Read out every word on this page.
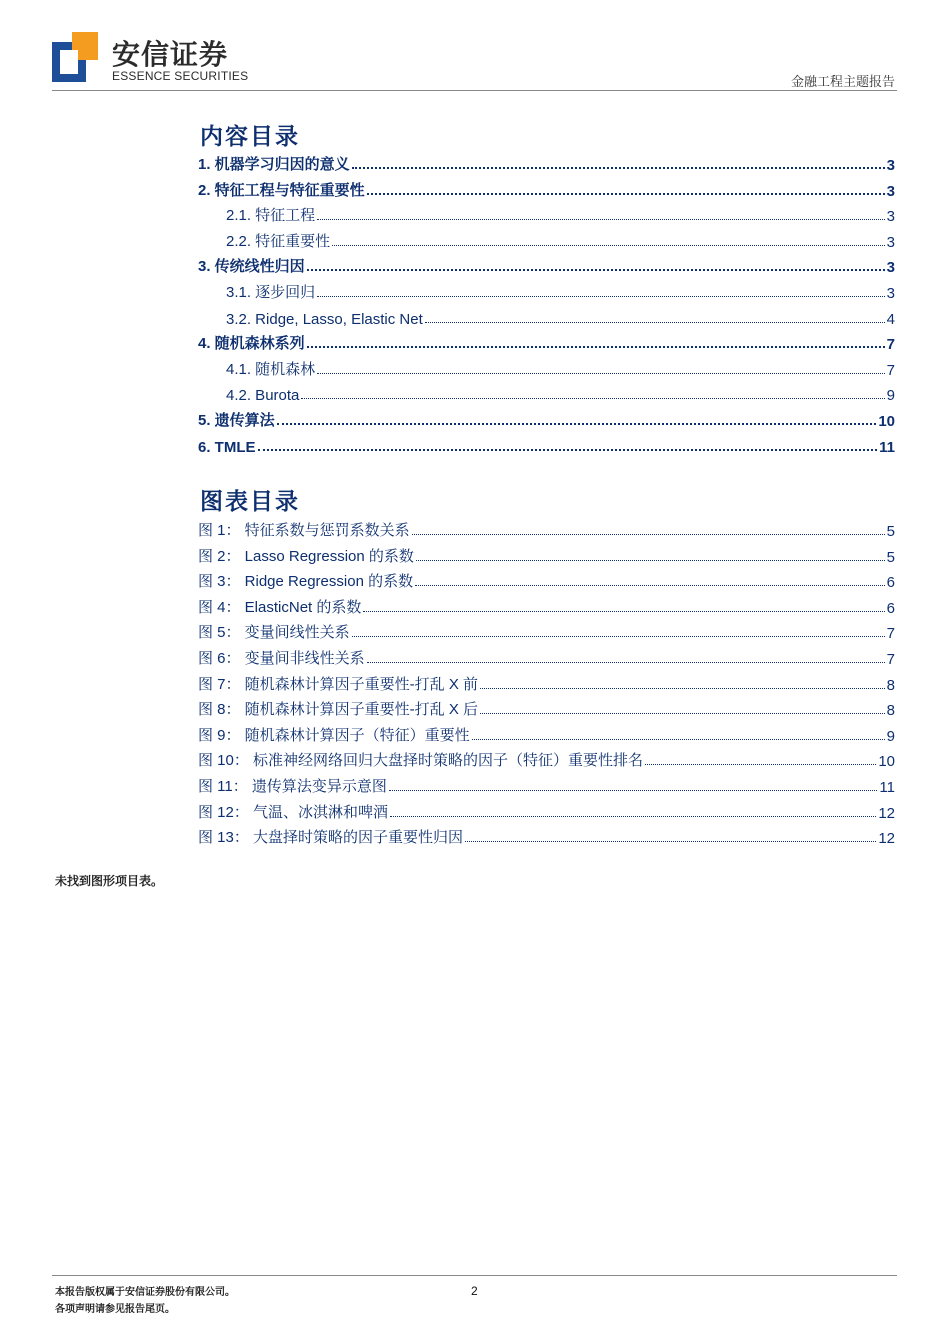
安信证券
ESSENCE SECURITIES	金融工程主题报告
内容目录
1. 机器学习归因的意义	3
2. 特征工程与特征重要性	3
2.1. 特征工程	3
2.2. 特征重要性	3
3. 传统线性归因	3
3.1. 逐步回归	3
3.2. Ridge, Lasso, Elastic Net	4
4. 随机森林系列	7
4.1. 随机森林	7
4.2. Burota	9
5. 遗传算法	10
6. TMLE	11
图表目录
图 1： 特征系数与惩罚系数关系	5
图 2： Lasso Regression 的系数	5
图 3： Ridge Regression 的系数	6
图 4： ElasticNet 的系数	6
图 5： 变量间线性关系	7
图 6： 变量间非线性关系	7
图 7： 随机森林计算因子重要性-打乱 X 前	8
图 8： 随机森林计算因子重要性-打乱 X 后	8
图 9： 随机森林计算因子（特征）重要性	9
图 10： 标准神经网络回归大盘择时策略的因子（特征）重要性排名	10
图 11： 遗传算法变异示意图	11
图 12： 气温、冰淇淋和啤酒	12
图 13： 大盘择时策略的因子重要性归因	12
未找到图形项目表。
本报告版权属于安信证券股份有限公司。
各项声明请参见报告尾页。
2
